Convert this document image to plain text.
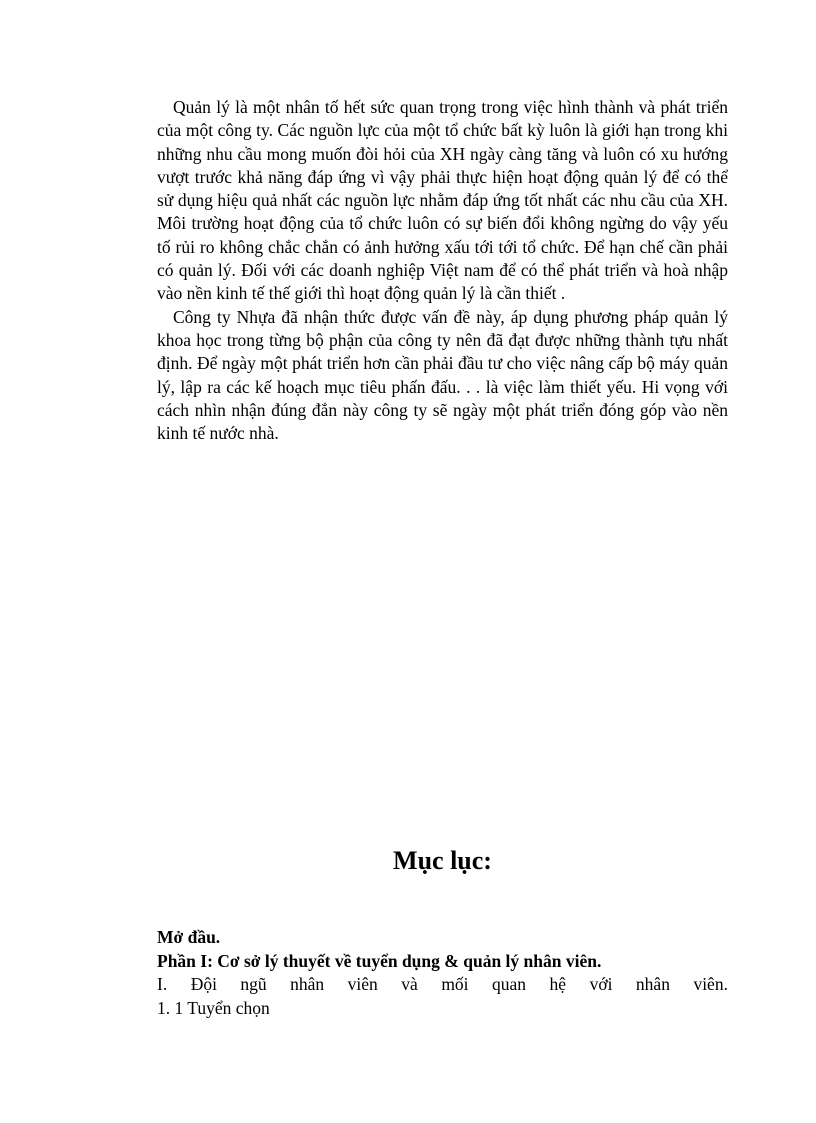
Quản lý là một nhân tố hết sức quan trọng trong việc hình thành và phát triển của một công ty. Các nguồn lực của một tổ chức bất kỳ luôn là giới hạn trong khi những nhu cầu mong muốn đòi hỏi của XH ngày càng tăng và luôn có xu hướng vượt trước khả năng đáp ứng vì vậy phải thực hiện hoạt động quản lý để có thể sử dụng hiệu quả nhất các nguồn lực nhằm đáp ứng tốt nhất các nhu cầu của XH. Môi trường hoạt động của tổ chức luôn có sự biến đổi không ngừng do vậy yếu tố rủi ro không chắc chắn có ảnh hưởng xấu tới tới tổ chức. Để hạn chế cần phải có quản lý. Đối với các doanh nghiệp Việt nam để có thể phát triển và hoà nhập vào nền kinh tế thế giới thì hoạt động quản lý là cần thiết .

Công ty Nhựa đã nhận thức được vấn đề này, áp dụng phương pháp quản lý khoa học trong từng bộ phận của công ty nên đã đạt được những thành tựu nhất định. Để ngày một phát triển hơn cần phải đầu tư cho việc nâng cấp bộ máy quản lý, lập ra các kế hoạch mục tiêu phấn đấu. . . là việc làm thiết yếu. Hi vọng với cách nhìn nhận đúng đắn này công ty sẽ ngày một phát triển đóng góp vào nền kinh tế nước nhà.

Mục lục:

Mở đầu.

Phần I: Cơ sở lý thuyết về tuyển dụng & quản lý nhân viên.

I. Đội ngũ nhân viên và mối quan hệ với nhân viên.

1. 1 Tuyển chọn
